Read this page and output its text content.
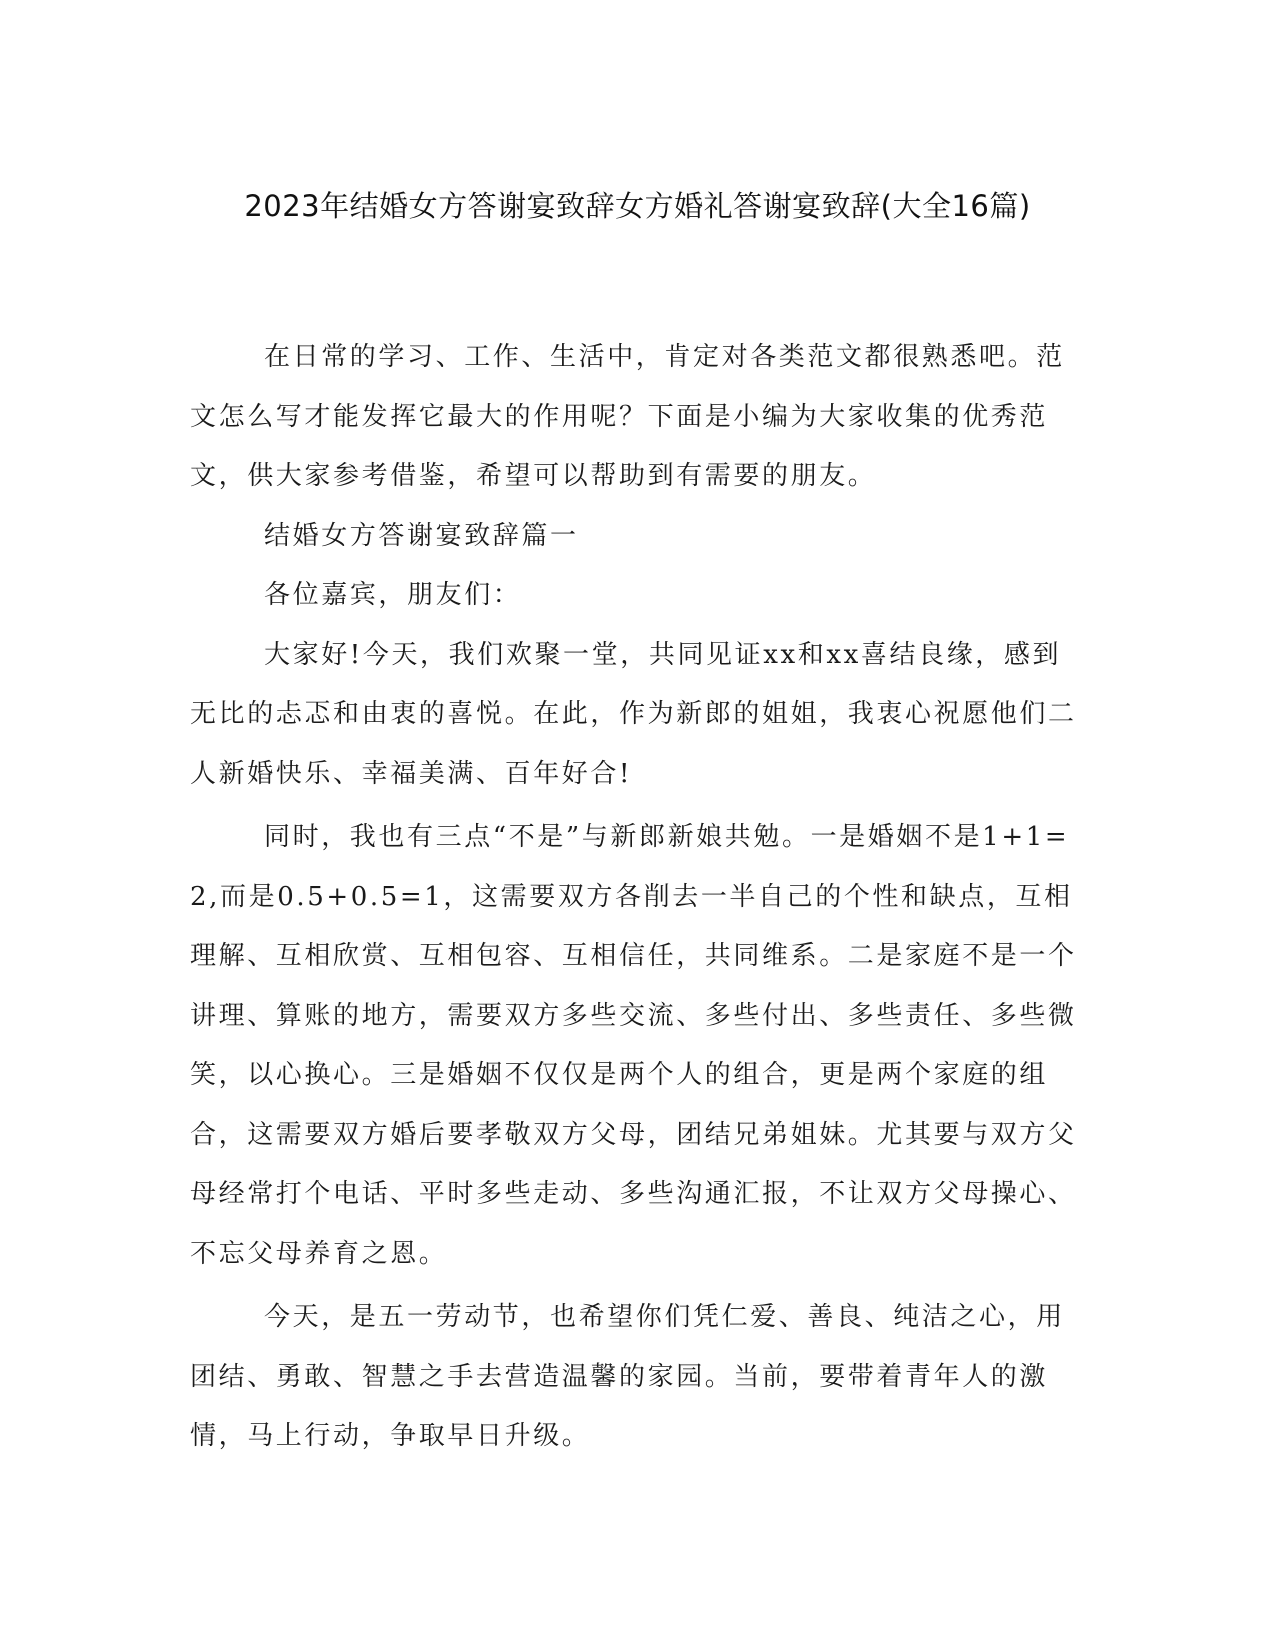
2023年结婚女方答谢宴致辞女方婚礼答谢宴致辞(大全16篇)

在日常的学习、工作、生活中，肯定对各类范文都很熟悉吧。范文怎么写才能发挥它最大的作用呢？下面是小编为大家收集的优秀范文，供大家参考借鉴，希望可以帮助到有需要的朋友。

结婚女方答谢宴致辞篇一

各位嘉宾，朋友们：

大家好!今天，我们欢聚一堂，共同见证xx和xx喜结良缘，感到无比的忐忑和由衷的喜悦。在此，作为新郎的姐姐，我衷心祝愿他们二人新婚快乐、幸福美满、百年好合!

同时，我也有三点“不是”与新郎新娘共勉。一是婚姻不是1+1=2,而是0.5+0.5=1，这需要双方各削去一半自己的个性和缺点，互相理解、互相欣赏、互相包容、互相信任，共同维系。二是家庭不是一个讲理、算账的地方，需要双方多些交流、多些付出、多些责任、多些微笑，以心换心。三是婚姻不仅仅是两个人的组合，更是两个家庭的组合，这需要双方婚后要孝敬双方父母，团结兄弟姐妹。尤其要与双方父母经常打个电话、平时多些走动、多些沟通汇报，不让双方父母操心、不忘父母养育之恩。

今天，是五一劳动节，也希望你们凭仁爱、善良、纯洁之心，用团结、勇敢、智慧之手去营造温馨的家园。当前，要带着青年人的激情，马上行动，争取早日升级。
